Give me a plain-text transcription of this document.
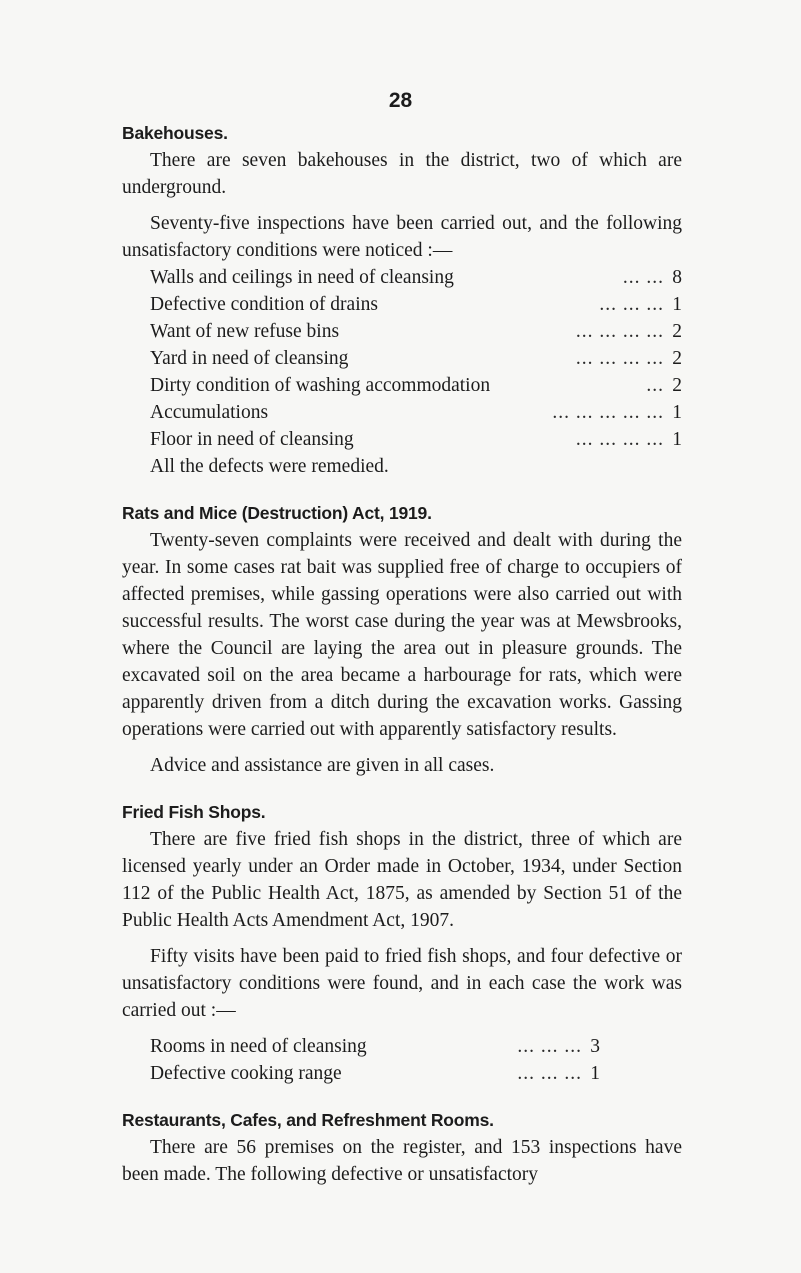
28
Bakehouses.

There are seven bakehouses in the district, two of which are underground.

Seventy-five inspections have been carried out, and the following unsatisfactory conditions were noticed :—

Walls and ceilings in need of cleansing	... ... 8
Defective condition of drains	... ... ... 1
Want of new refuse bins	... ... ... ... 2
Yard in need of cleansing	... ... ... ... 2
Dirty condition of washing accommodation	... 2
Accumulations	... ... ... ... ... 1
Floor in need of cleansing	... ... ... ... 1

All the defects were remedied.

Rats and Mice (Destruction) Act, 1919.

Twenty-seven complaints were received and dealt with during the year. In some cases rat bait was supplied free of charge to occupiers of affected premises, while gassing operations were also carried out with successful results. The worst case during the year was at Mewsbrooks, where the Council are laying the area out in pleasure grounds. The excavated soil on the area became a harbourage for rats, which were apparently driven from a ditch during the excavation works. Gassing operations were carried out with apparently satisfactory results.

Advice and assistance are given in all cases.

Fried Fish Shops.

There are five fried fish shops in the district, three of which are licensed yearly under an Order made in October, 1934, under Section 112 of the Public Health Act, 1875, as amended by Section 51 of the Public Health Acts Amendment Act, 1907.

Fifty visits have been paid to fried fish shops, and four defective or unsatisfactory conditions were found, and in each case the work was carried out :—

Rooms in need of cleansing	... ... ... 3
Defective cooking range	... ... ... 1
Restaurants, Cafes, and Refreshment Rooms.

There are 56 premises on the register, and 153 inspections have been made. The following defective or unsatisfactory
